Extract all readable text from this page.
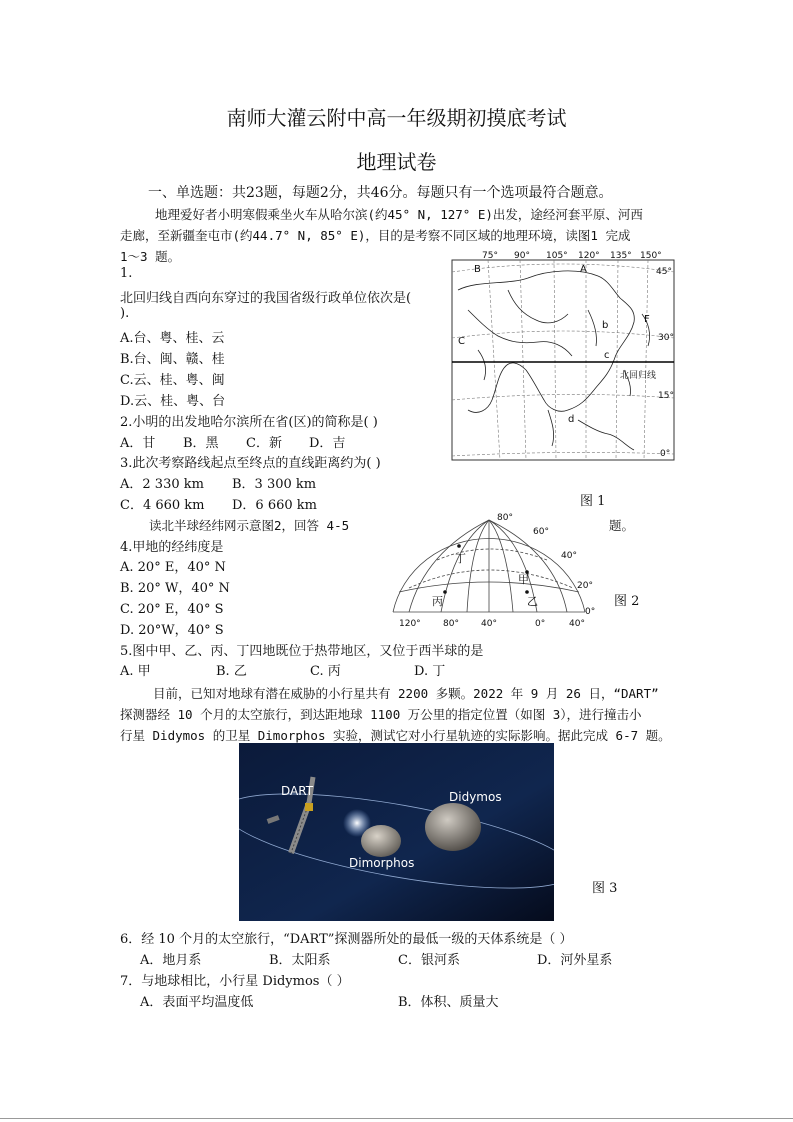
南师大灌云附中高一年级期初摸底考试
地理试卷
一、单选题：共23题，每题2分，共46分。每题只有一个选项最符合题意。
地理爱好者小明寒假乘坐火车从哈尔滨(约45° N, 127° E)出发，途经河套平原、河西
走廊，至新疆奎屯市(约44.7° N, 85° E)，目的是考察不同区域的地理环境，读图1 完成
1～3 题。
1.
北回归线自西向东穿过的我国省级行政单位依次是(
).
A.台、粤、桂、云
B.台、闽、赣、桂
C.云、桂、粤、闽
D.云、桂、粤、台
2.小明的出发地哈尔滨所在省(区)的简称是( )
A．甘 B．黑 C．新 D．吉
3.此次考察路线起点至终点的直线距离约为( )
A．2 330 km B．3 300 km
C．4 660 km D．6 660 km
B	A
b
F
C
c
d
北回归线
75° 90° 105° 120° 135° 150°
45°
30°
15°
0°
图 1
读北半球经纬网示意图2，回答 4-5	题。
80°
60°
40°
20°
0°
120° 80° 40°	0°	40°
丁
甲
丙	乙	图 2
4.甲地的经纬度是
A. 20° E，40° N
B. 20° W，40° N
C. 20° E，40° S
D. 20°W，40° S
5.图中甲、乙、丙、丁四地既位于热带地区，又位于西半球的是
A. 甲	B. 乙	C. 丙	D. 丁
目前，已知对地球有潜在威胁的小行星共有 2200 多颗。2022 年 9 月 26 日，“DART”
探测器经 10 个月的太空旅行，到达距地球 1100 万公里的指定位置（如图 3），进行撞击小
行星 Didymos 的卫星 Dimorphos 实验，测试它对小行星轨迹的实际影响。据此完成 6-7 题。
DART	Didymos
Dimorphos
图 3
6．经 10 个月的太空旅行，“DART”探测器所处的最低一级的天体系统是（ ）
A．地月系	B．太阳系	C．银河系	D．河外星系
7．与地球相比，小行星 Didymos（ ）
A．表面平均温度低	B．体积、质量大
